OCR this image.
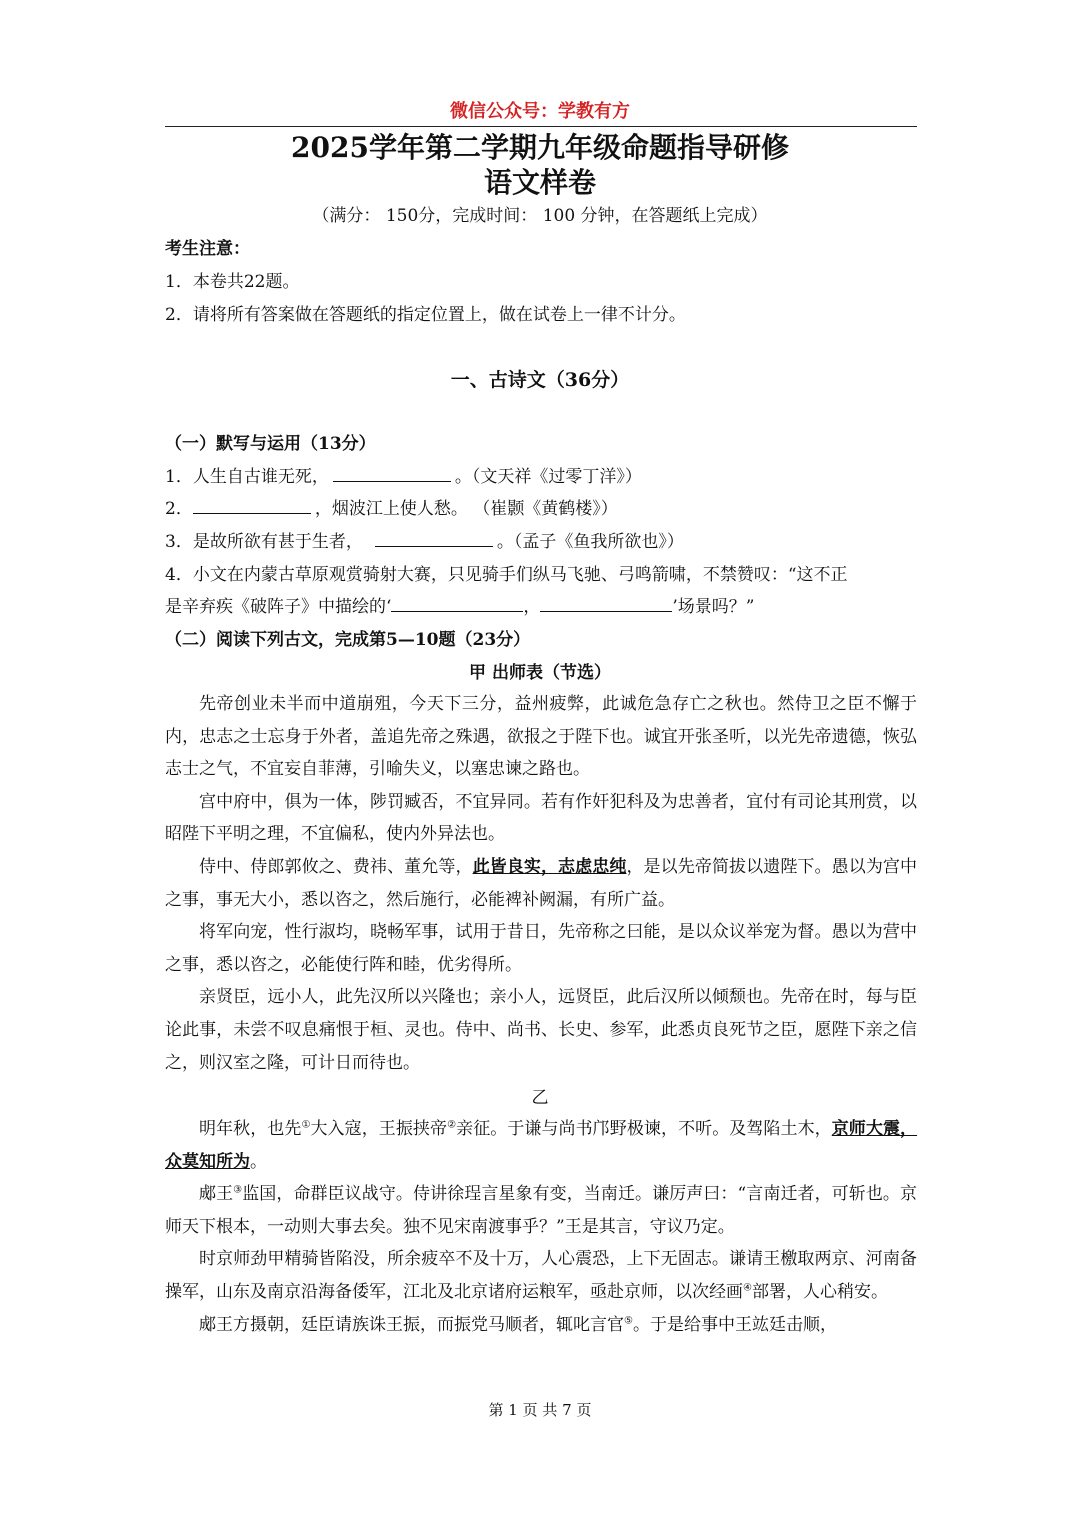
微信公众号：学教有方
2025学年第二学期九年级命题指导研修
语文样卷
（满分： 150分，完成时间： 100 分钟，在答题纸上完成）
考生注意：
1．本卷共22题。
2．请将所有答案做在答题纸的指定位置上，做在试卷上一律不计分。
一、古诗文（36分）
（一）默写与运用（13分）
1．人生自古谁无死，	。（文天祥《过零丁洋》）
2．	，烟波江上使人愁。 （崔颢《黄鹤楼》）
3．是故所欲有甚于生者，	。（孟子《鱼我所欲也》）
4．小文在内蒙古草原观赏骑射大赛，只见骑手们纵马飞驰、弓鸣箭啸，不禁赞叹：“这不正
是辛弃疾《破阵子》中描绘的‘	，	’场景吗？”
（二）阅读下列古文，完成第5—10题（23分）
甲 出师表（节选）

先帝创业未半而中道崩殂，今天下三分，益州疲弊，此诚危急存亡之秋也。然侍卫之臣不懈于内，忠志之士忘身于外者，盖追先帝之殊遇，欲报之于陛下也。诚宜开张圣听，以光先帝遗德，恢弘志士之气，不宜妄自菲薄，引喻失义，以塞忠谏之路也。

宫中府中，俱为一体，陟罚臧否，不宜异同。若有作奸犯科及为忠善者，宜付有司论其刑赏，以昭陛下平明之理，不宜偏私，使内外异法也。

侍中、侍郎郭攸之、费祎、董允等，此皆良实，志虑忠纯，是以先帝简拔以遗陛下。愚以为宫中之事，事无大小，悉以咨之，然后施行，必能裨补阙漏，有所广益。

将军向宠，性行淑均，晓畅军事，试用于昔日，先帝称之曰能，是以众议举宠为督。愚以为营中之事，悉以咨之，必能使行阵和睦，优劣得所。

亲贤臣，远小人，此先汉所以兴隆也；亲小人，远贤臣，此后汉所以倾颓也。先帝在时，每与臣论此事，未尝不叹息痛恨于桓、灵也。侍中、尚书、长史、参军，此悉贞良死节之臣，愿陛下亲之信之，则汉室之隆，可计日而待也。

乙

明年秋，也先①大入寇，王振挟帝②亲征。于谦与尚书邝野极谏，不听。及驾陷土木，京师大震，众莫知所为。

郕王③监国，命群臣议战守。侍讲徐珵言星象有变，当南迁。谦厉声曰：“言南迁者，可斩也。京师天下根本，一动则大事去矣。独不见宋南渡事乎？”王是其言，守议乃定。

时京师劲甲精骑皆陷没，所余疲卒不及十万，人心震恐，上下无固志。谦请王檄取两京、河南备操军，山东及南京沿海备倭军，江北及北京诸府运粮军，亟赴京师，以次经画④部署，人心稍安。

郕王方摄朝，廷臣请族诛王振，而振党马顺者，辄叱言官⑤。于是给事中王竑廷击顺，

第 1 页 共 7 页
